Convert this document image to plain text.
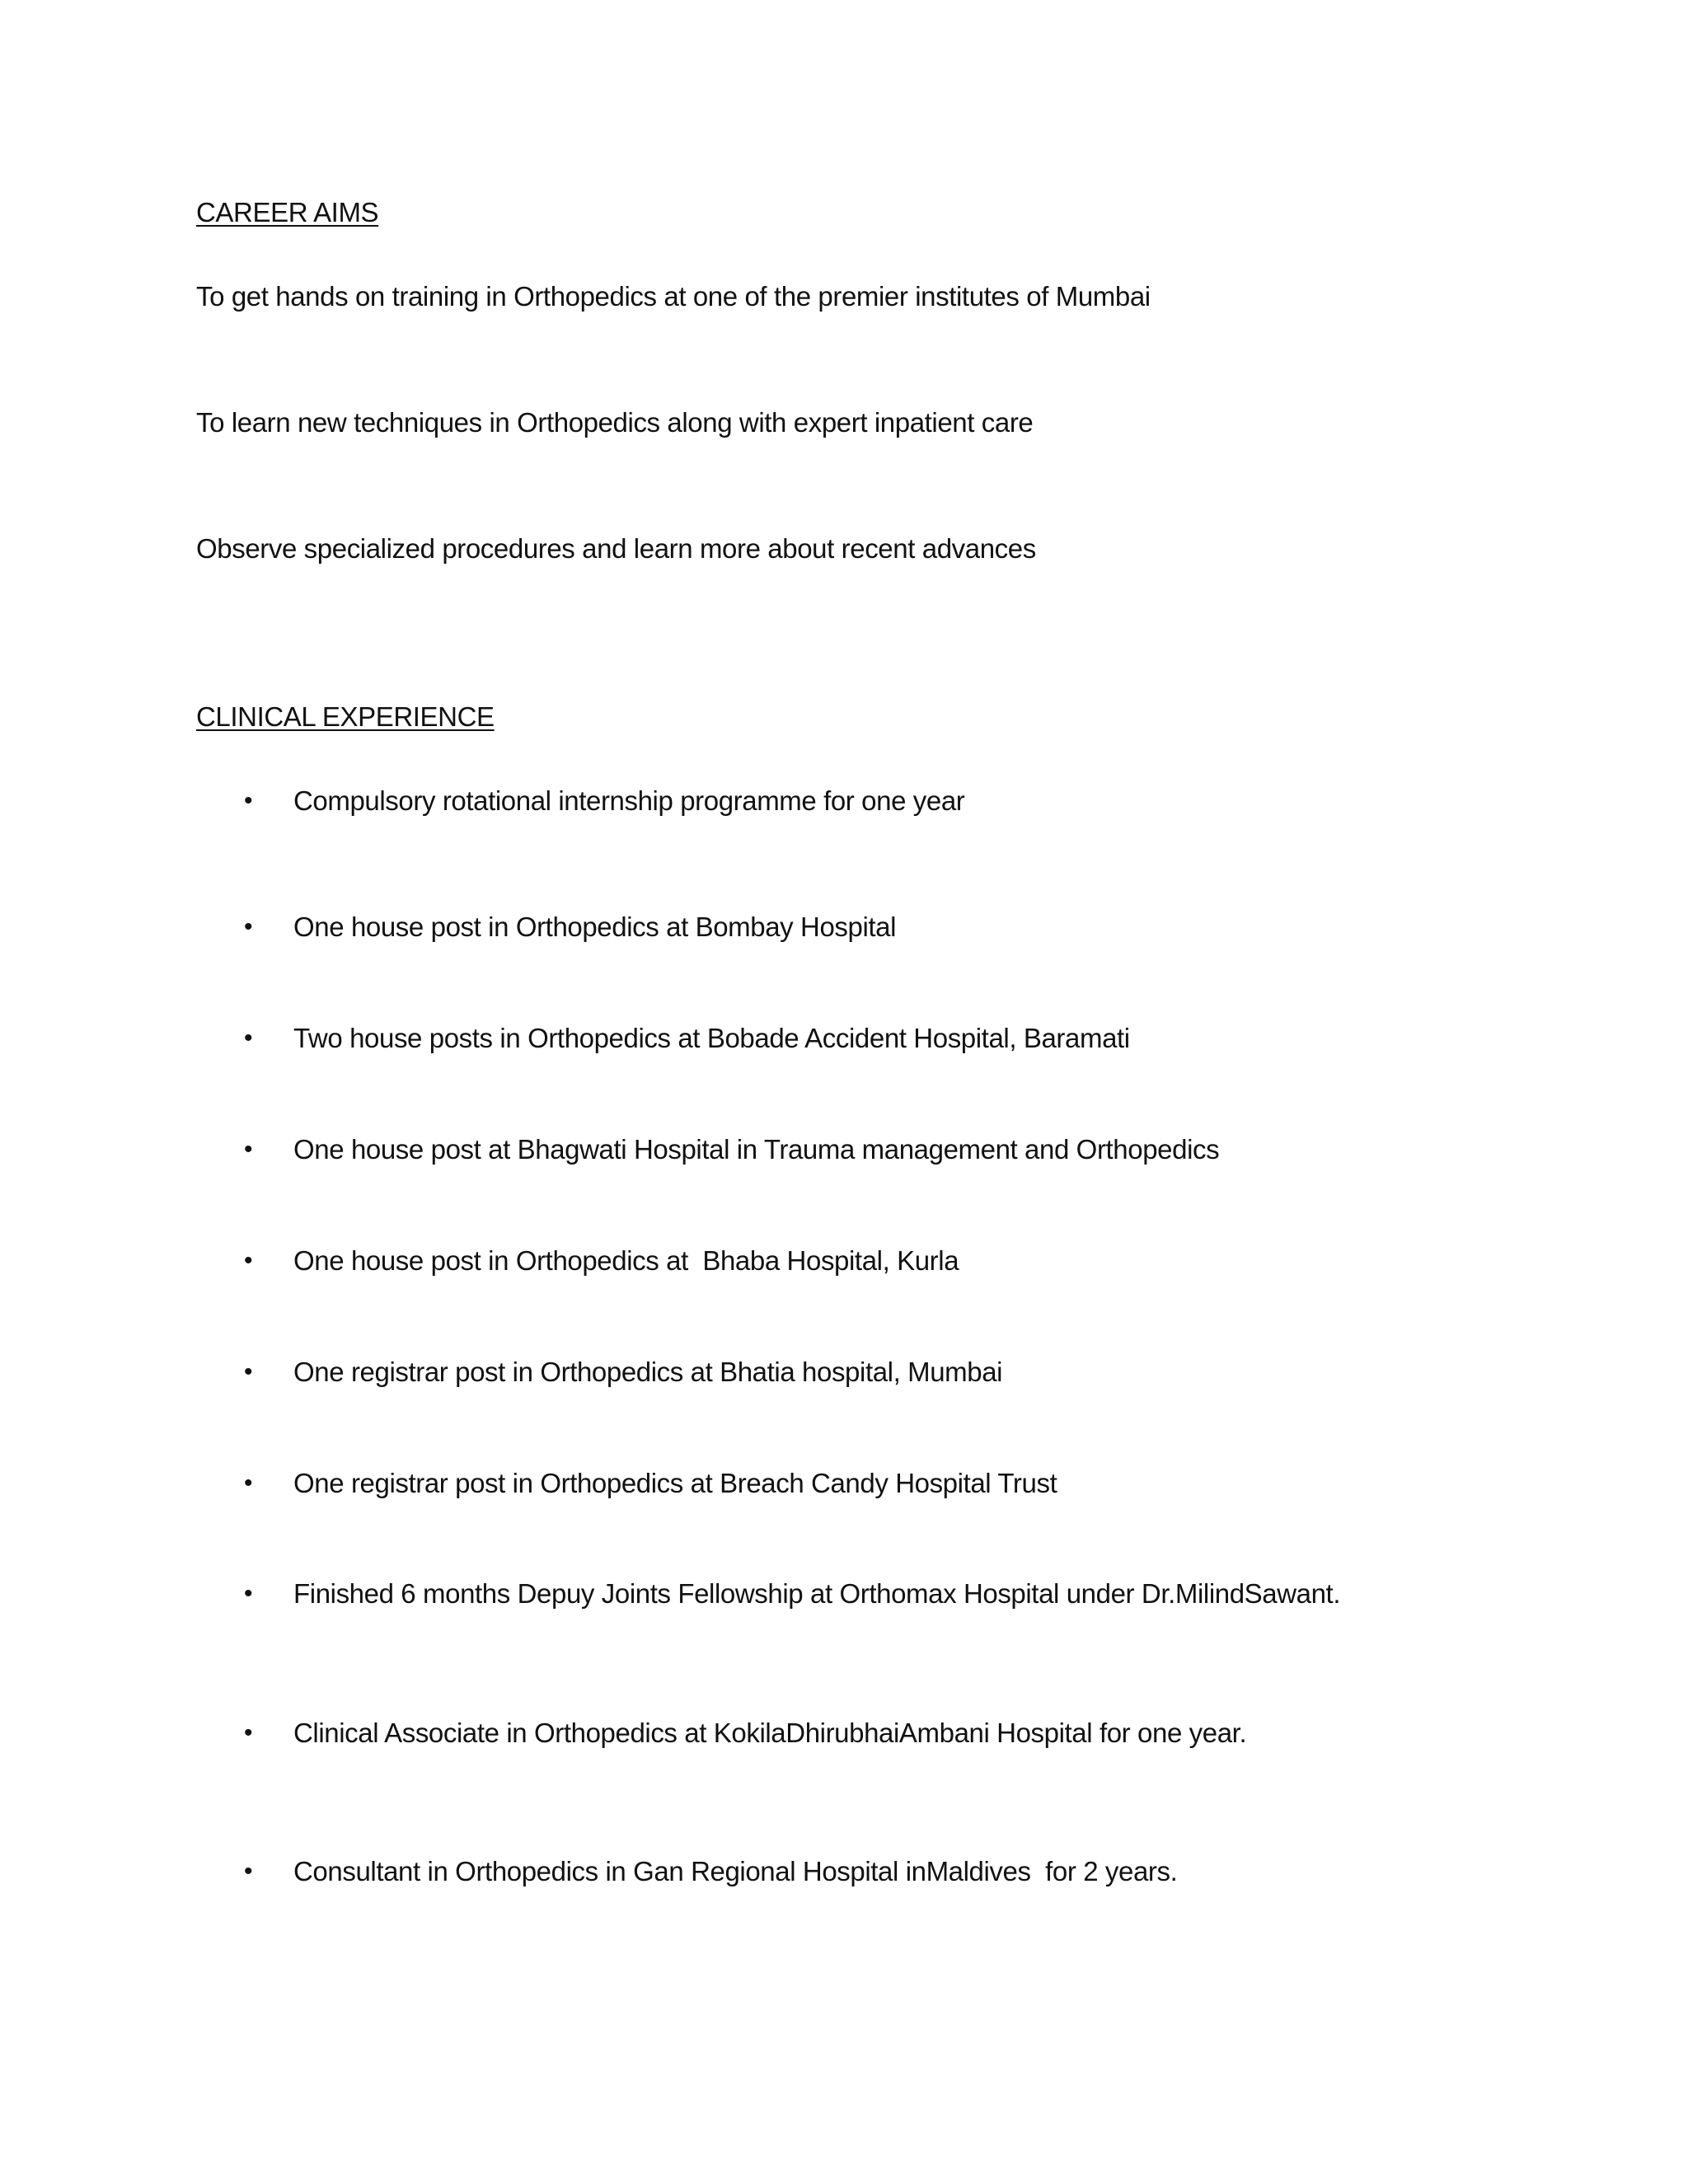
CAREER AIMS
To get hands on training in Orthopedics at one of the premier institutes of Mumbai
To learn new techniques in Orthopedics along with expert inpatient care
Observe specialized procedures and learn more about recent advances
CLINICAL EXPERIENCE
• Compulsory rotational internship programme for one year
• One house post in Orthopedics at Bombay Hospital
• Two house posts in Orthopedics at Bobade Accident Hospital, Baramati
• One house post at Bhagwati Hospital in Trauma management and Orthopedics
• One house post in Orthopedics at  Bhaba Hospital, Kurla
• One registrar post in Orthopedics at Bhatia hospital, Mumbai
• One registrar post in Orthopedics at Breach Candy Hospital Trust
• Finished 6 months Depuy Joints Fellowship at Orthomax Hospital under Dr.MilindSawant.
• Clinical Associate in Orthopedics at KokilaDhirubhaiAmbani Hospital for one year.
• Consultant in Orthopedics in Gan Regional Hospital inMaldives  for 2 years.
